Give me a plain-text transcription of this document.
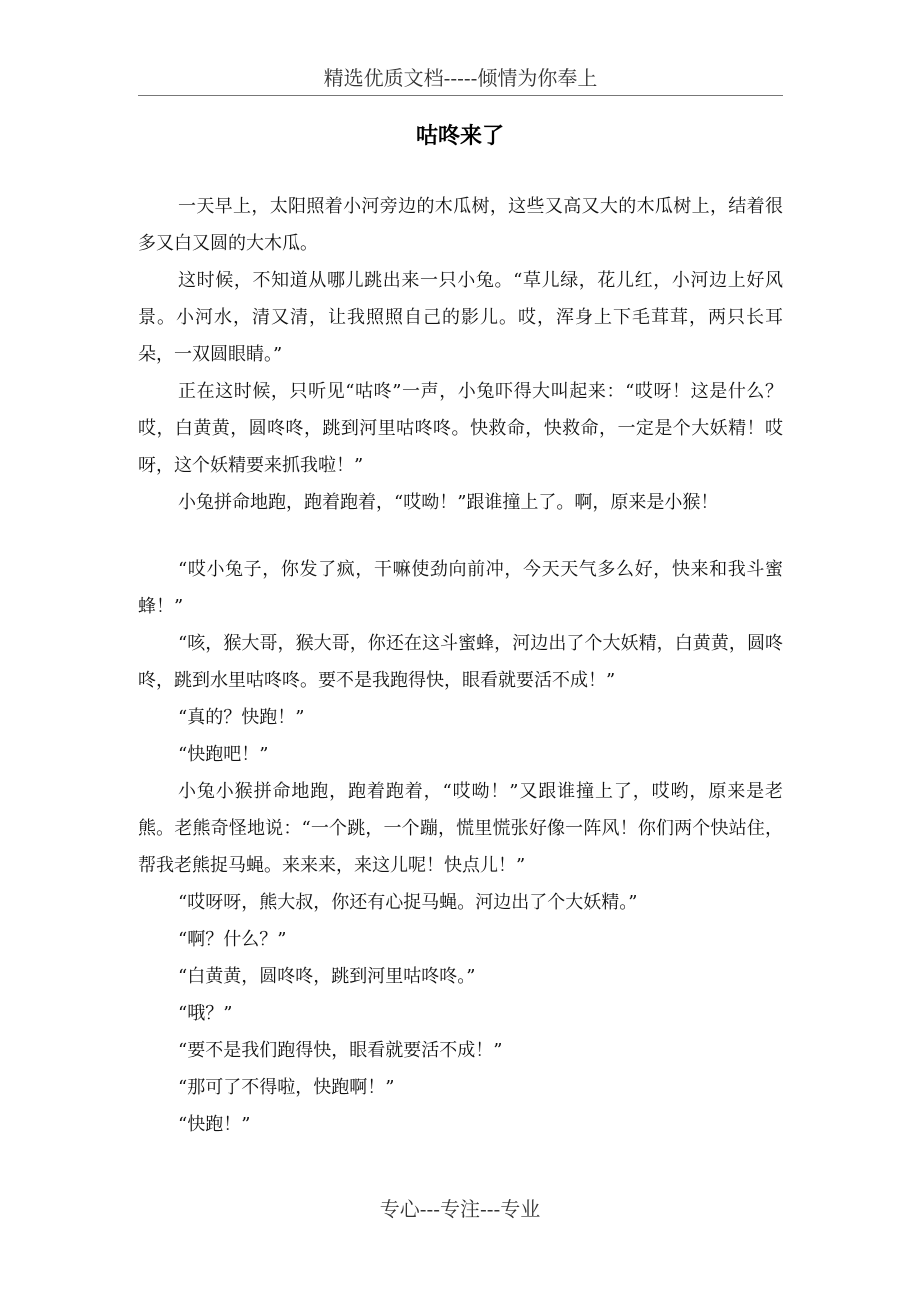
精选优质文档-----倾情为你奉上
咕咚来了

一天早上，太阳照着小河旁边的木瓜树，这些又高又大的木瓜树上，结着很多又白又圆的大木瓜。

这时候，不知道从哪儿跳出来一只小兔。“草儿绿，花儿红，小河边上好风景。小河水，清又清，让我照照自己的影儿。哎，浑身上下毛茸茸，两只长耳朵，一双圆眼睛。”

正在这时候，只听见“咕咚”一声，小兔吓得大叫起来：“哎呀！这是什么？哎，白黄黄，圆咚咚，跳到河里咕咚咚。快救命，快救命，一定是个大妖精！哎呀，这个妖精要来抓我啦！”

小兔拼命地跑，跑着跑着，“哎呦！”跟谁撞上了。啊，原来是小猴！

“哎小兔子，你发了疯，干嘛使劲向前冲，今天天气多么好，快来和我斗蜜蜂！”

“咳，猴大哥，猴大哥，你还在这斗蜜蜂，河边出了个大妖精，白黄黄，圆咚咚，跳到水里咕咚咚。要不是我跑得快，眼看就要活不成！”

“真的？快跑！”

“快跑吧！”

小兔小猴拼命地跑，跑着跑着，“哎呦！”又跟谁撞上了，哎哟，原来是老熊。老熊奇怪地说：“一个跳，一个蹦，慌里慌张好像一阵风！你们两个快站住，帮我老熊捉马蝇。来来来，来这儿呢！快点儿！”

“哎呀呀，熊大叔，你还有心捉马蝇。河边出了个大妖精。”

“啊？什么？”

“白黄黄，圆咚咚，跳到河里咕咚咚。”

“哦？”

“要不是我们跑得快，眼看就要活不成！”

“那可了不得啦，快跑啊！”

“快跑！”

专心---专注---专业
